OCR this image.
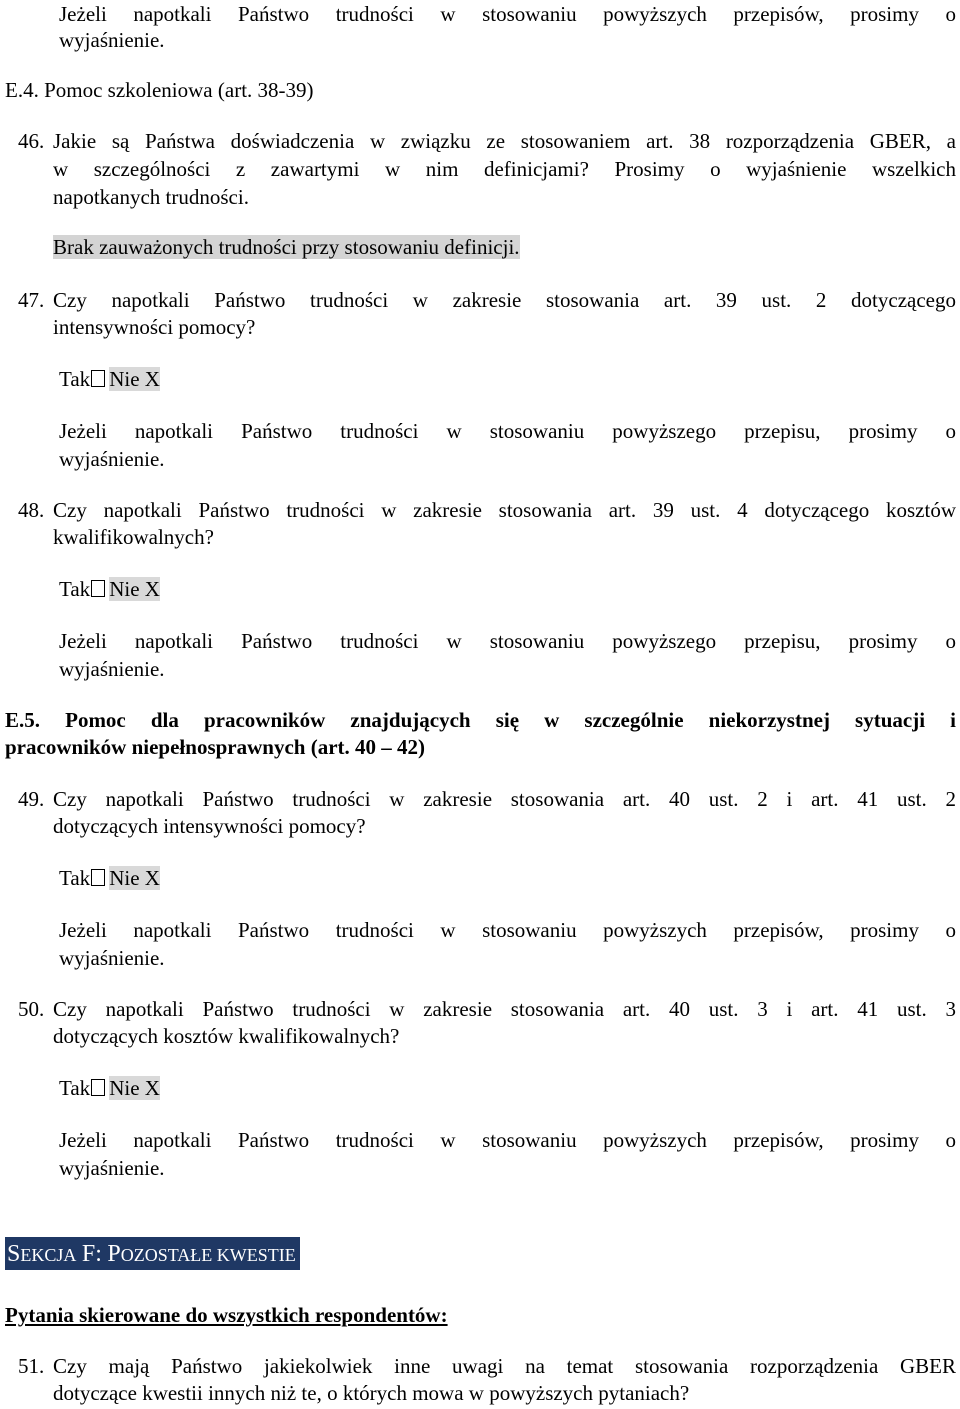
Jeżeli napotkali Państwo trudności w stosowaniu powyższych przepisów, prosimy o
wyjaśnienie.
E.4. Pomoc szkoleniowa (art. 38-39)
46. Jakie są Państwa doświadczenia w związku ze stosowaniem art. 38 rozporządzenia GBER, a
w szczególności z zawartymi w nim definicjami? Prosimy o wyjaśnienie wszelkich
napotkanych trudności.
Brak zauważonych trudności przy stosowaniu definicji.
47. Czy napotkali Państwo trudności w zakresie stosowania art. 39 ust. 2 dotyczącego
intensywności pomocy?
Tak Nie X
Jeżeli napotkali Państwo trudności w stosowaniu powyższego przepisu, prosimy o
wyjaśnienie.
48. Czy napotkali Państwo trudności w zakresie stosowania art. 39 ust. 4 dotyczącego kosztów
kwalifikowalnych?
Tak Nie X
Jeżeli napotkali Państwo trudności w stosowaniu powyższego przepisu, prosimy o
wyjaśnienie.
E.5. Pomoc dla pracowników znajdujących się w szczególnie niekorzystnej sytuacji i
pracowników niepełnosprawnych (art. 40 – 42)
49. Czy napotkali Państwo trudności w zakresie stosowania art. 40 ust. 2 i art. 41 ust. 2
dotyczących intensywności pomocy?
Tak Nie X
Jeżeli napotkali Państwo trudności w stosowaniu powyższych przepisów, prosimy o
wyjaśnienie.
50. Czy napotkali Państwo trudności w zakresie stosowania art. 40 ust. 3 i art. 41 ust. 3
dotyczących kosztów kwalifikowalnych?
Tak Nie X
Jeżeli napotkali Państwo trudności w stosowaniu powyższych przepisów, prosimy o
wyjaśnienie.
SEKCJA F: POZOSTAŁE KWESTIE
Pytania skierowane do wszystkich respondentów:
51. Czy mają Państwo jakiekolwiek inne uwagi na temat stosowania rozporządzenia GBER
dotyczące kwestii innych niż te, o których mowa w powyższych pytaniach?
